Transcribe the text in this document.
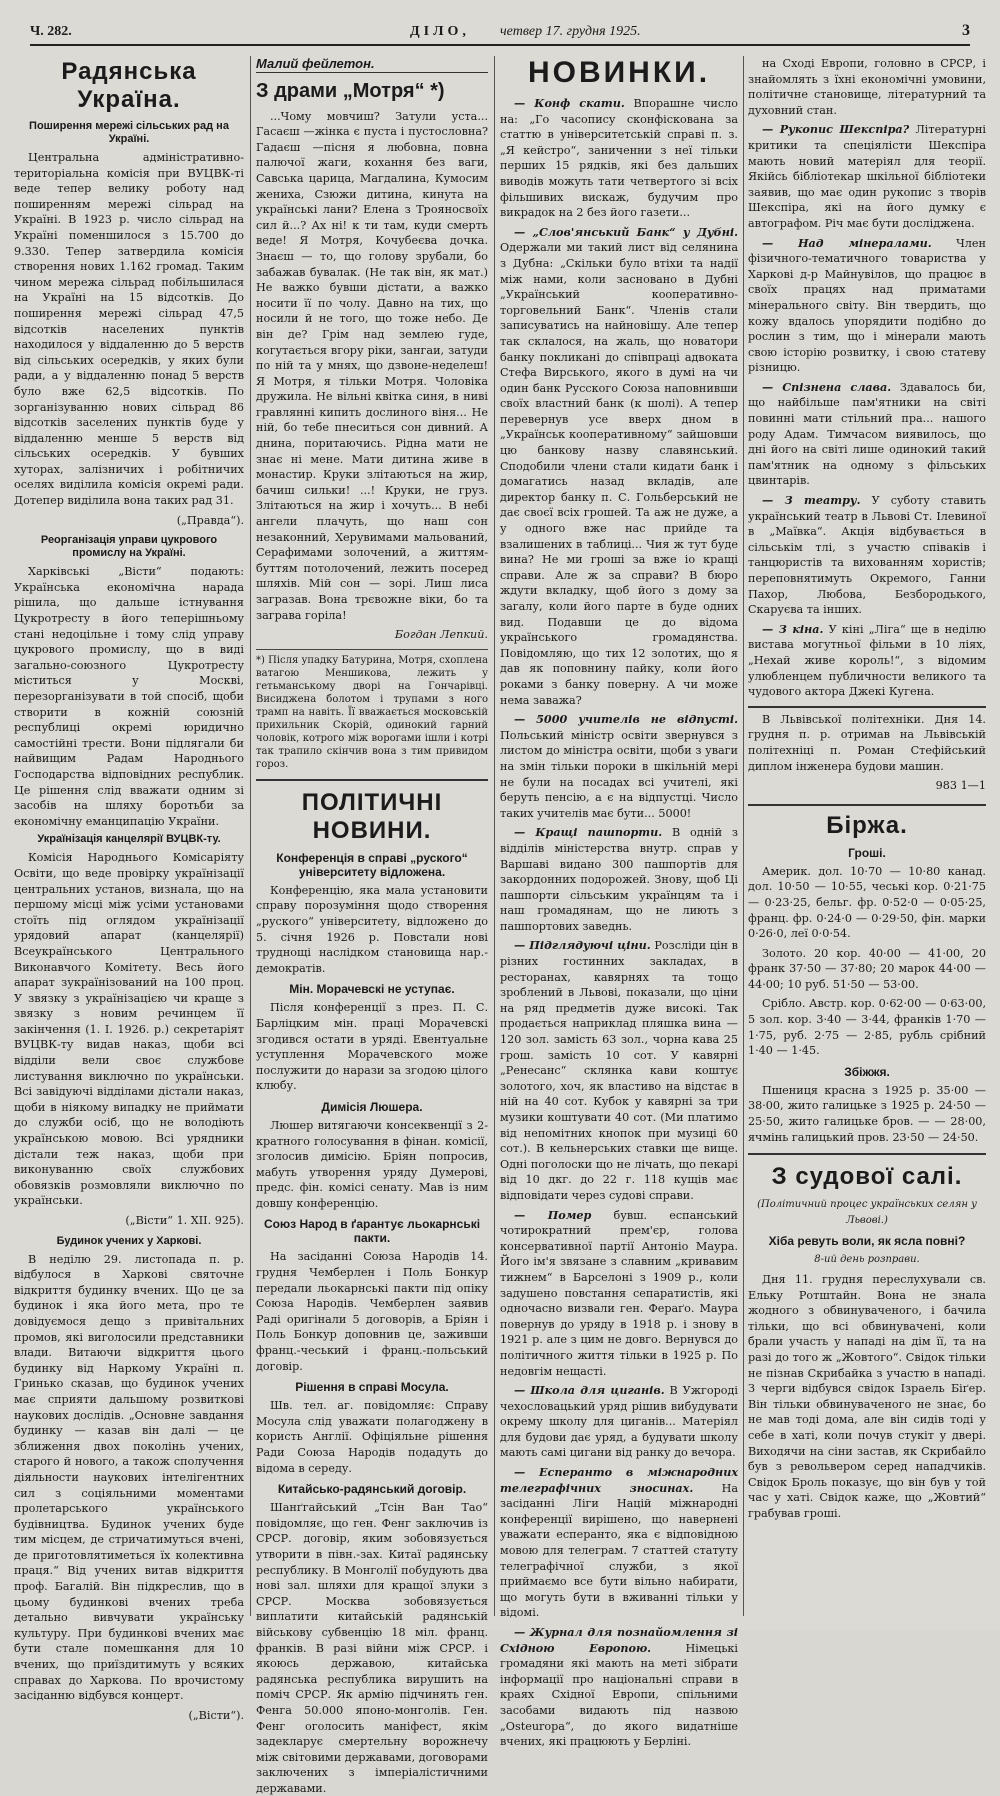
Ч. 282.	ДІЛО, четвер 17. грудня 1925.	3
Радянська Україна.
Поширення мережі сільських рад на Україні.

Центральна адміністративно-територіальна комісія при ВУЦВК-ті веде тепер велику роботу над поширенням мережі сільрад на Україні. В 1923 р. число сільрад на Україні поменшилося з 15.700 до 9.330. Тепер затвердила комісія створення нових 1.162 громад. Таким чином мережа сільрад побільшилася на Україні на 15 відсотків. До поширення мережі сільрад 47,5 відсотків населених пунктів находилося у віддаленню до 5 верств від сільських осередків, у яких були ради, а у віддаленню понад 5 верств було вже 62,5 відсотків. По зорганізуванню нових сільрад 86 відсотків заселених пунктів буде у віддаленню менше 5 верств від сільських осередків. У бувших хуторах, залізничих і робітничих оселях виділила комісія окремі ради. Дотепер виділила вона таких рад 31.

(„Правда“).
Реорганізація управи цукрового промислу на Україні.

Харківські „Вісти“ подають: Українська економічна нарада рішила, що дальше істнування Цукротресту в його теперішньому стані недоцільне і тому слід управу цукрового промислу, що в виді загально-союзного Цукротресту міститься у Москві, перезорганізувати в той спосіб, щоби створити в кожній союзній республиці окремі юридично самостійні трести. Вони підлягали би найвищим Радам Народнього Господарства відповідних республик. Це рішення слід вважати одним зі засобів на шляху боротьби за економічну еманципацію України.

Українізація канцелярії ВУЦВК-ту.

Комісія Народнього Комісаріяту Освіти, що веде провірку українізації центральних установ, визнала, що на першому місці між усіми установами стоїть під оглядом українізації урядовий апарат (канцелярії) Всеукраїнського Центрального Виконавчого Комітету. Весь його апарат зукраїнізований на 100 проц. У звязку з українізацією чи краще з звязку з новим речинцем її закінчення (1. І. 1926. р.) секретаріят ВУЦВК-ту видав наказ, щоби всі відділи вели своє службове листування виключно по українськи. Всі завідуючі відділами дістали наказ, щоби в ніякому випадку не приймати до служби осіб, що не володіють українською мовою. Всі урядники дістали теж наказ, щоби при виконуванню своїх службових обовязків розмовляли виключно по українськи.

(„Вісти“ 1. XII. 925).
Будинок учених у Харкові.

В неділю 29. листопада п. р. відбулося в Харкові святочне відкриття будинку вчених. Що це за будинок і яка його мета, про те довідуємося дещо з привітальних промов, які виголосили представники влади. Витаючи відкриття цього будинку від Наркому Україні п. Гринько сказав, що будинок учених має сприяти дальшому розвиткові наукових дослідів. „Основне завдання будинку — казав він далі — це зближення двох поколінь учених, старого й нового, а також сполучення діяльности наукових інтелігентних сил з соціяльними моментами пролетарського українського будівництва. Будинок учених буде тим місцем, де стричатимуться вчені, де приготовлятиметься їх колективна праця.“ Від учених витав відкриття проф. Багалій. Він підкреслив, що в цьому будинкові вчених треба детально вивчувати українську культуру. При будинкові вчених має бути стале помешкання для 10 вчених, що приїздитимуть у всяких справах до Харкова. По врочистому засіданню відбувся концерт.

(„Вісти“).
Малий фейлетон.
З драми „Мотря“ *)

...Чому мовчиш? Затули уста... Гасаєш —жінка є пуста і пустословна? Гадаєш —пісня я любовна, повна палючої жаги, кохання без ваги, Савська царица, Магдалина, Кумосим жениха, Сзюжи дитина, кинута на українські лани? Елена з Трояносвоїх сил й...? Ах ні! к ти там, куди смерть веде! Я Мотря, Кочубеєва дочка. Знаєш — то, що голову зрубали, бо забажав бувалак. (Не так він, як мат.) Не важко бувши дістати, а важко носити її по чолу. Давно на тих, що носили й не того, що тоже небо. Де він де? Грім над землею гуде, когутається вгору ріки, зангаи, затуди по ній та у мнях, що дзвоне-неделеш! Я Мотря, я тільки Мотря. Чоловіка дружила. Не вільні квітка синя, в ниві гравлянні кипить дослиного віня... Не ній, бо тебе пнеситься сон дивний. А днина, поритаючись. Рідна мати не знає ні мене. Мати дитина живе в монастир. Круки злітаються на жир, бачиш сильки! ...! Круки, не груз. Злітаються на жир і хочуть... В небі ангели плачуть, що наш сон незаконний, Херувимами мальований, Серафимами золочений, а життям-буттям потолочений, лежить посеред шляхів. Мій сон — зорі. Лиш лиса загразав. Вона трєвожне віки, бо та заграва горіла!

Богдан Лепкий.
*) Після упадку Батурина, Мотря, схоплена ватагою Меншикова, лежить у гетьманському дворі на Гончарівці. Висиджена болотом і трупами з ного трамп на навіть. Її вважається московській прихильник Скорій, одинокий гарний чоловік, котрого між ворогами ішли і котрі так трапило скінчив вона з тим привидом гороз.
ПОЛІТИЧНІ НОВИНИ.
Конференція в справі „руского“ університету відложена.

Конференцію, яка мала установити справу порозуміння щодо створення „руского“ університету, відложено до 5. січня 1926 р. Повстали нові труднощі наслідком становища нар.-демократів.

Мін. Морачевскі не уступає.

Після конференції з през. П. С. Барліцким мін. праці Морачевскі згодився остати в уряді. Евентуальне уступлення Морачевского може послужити до нарази за згодою цілого клюбу.

Димісія Люшера.

Люшер витягаючи консеквенції з 2-кратного голосування в фінан. комісії, зголосив димісію. Бріян попросив, мабуть утворення уряду Думерові, предс. фін. комісі сенату. Мав із ним довшу конференцію.

Союз Народ в ґарантує льокарнські пакти.

На засіданні Союза Народів 14. грудня Чемберлен і Поль Бонкур передали льокарнські пакти під опіку Союза Народів. Чемберлен заявив Раді оригінали 5 договорів, а Бріян і Поль Бонкур доповнив це, заживши франц.-чеський і франц.-польський договір.

Рішення в справі Мосула.

Шв. тел. аг. повідомляє: Справу Мосула слід уважати полагоджену в користь Англії. Офіціяльне рішення Ради Союза Народів подадуть до відома в середу.

Китайсько-радянський договір.

Шанґгайський „Тсін Ван Тао“ повідомляє, що ген. Фенг заключив із СРСР. договір, яким зобовязується утворити в півн.-зах. Китаї радянську республику. В Монголії побудують два нові зал. шляхи для кращої злуки з СРСР. Москва зобовязується виплатити китайській радянській військову субвенцію 18 міл. франц. франків. В разі війни між СРСР. і якоюсь державою, китайська радянська республика вирушить на поміч СРСР. Як армію підчинять ген. Фенга 50.000 японо-монголів. Ген. Фенг оголосить маніфест, якім задекларує смертельну ворожнечу між світовими державами, договорами заключених з імперіалістичними державами.

НОВИНКИ.

— Конф скати. Впорашне число на: „Го часопису сконфіскована за статтю в університетській справі п. з. „Я кейстро“, заниченни з неї тільки перших 15 рядків, які без дальших виводів можуть тати четвертого зі всіх фільшивих вискаж, будучим про викрадок на 2 без його газети...

— „Слов'янський Банк“ у Дубні. Одержали ми такий лист від селянина з Дубна: „Скільки було втіхи та надії між нами, коли засновано в Дубні „Український кооперативно-торговельний Банк“. Членів стали записуватись на найновішу. Але тепер так склалося, на жаль, що новатори банку покликані до співпраці адвоката Стефа Вирського, якого в думі на чи один банк Русского Союза наповнивши своїх властний банк (к шолі). А тепер перевернув усе вверх дном в „Українськ кооперативному“ зайшовши цю банкову назву славянський. Сподобили члени стали кидати банк і домагатись назад вкладів, але директор банку п. С. Гольберський не дає своєї всіх грошей. Та аж не дуже, а у одного вже нас прийде та взалишених в таблиці... Чия ж тут буде вина? Не ми гроші за вже іо кращі справи. Але ж за справи? В бюро ждути вкладку, щоб його з дому за загалу, коли його парте в буде одних вид. Подавши це до відома українського громадянства. Повідомляю, що тих 12 золотих, що я дав як поповнину пайку, коли його роками з банку поверну. А чи може нема заважа?

— 5000 учителів не відпусті. Польський міністр освіти звернувся з листом до міністра освіти, щоби з уваги на змін тільки пороки в шкільній мері не були на посадах всі учителі, які беруть пенсію, а є на відпустці. Число таких учителів має бути... 5000!

— Кращі пашпорти. В одній з відділів міністерства внутр. справ у Варшаві видано 300 пашпортів для закордонних подорожей. Знову, щоб Ці пашпорти сільським українцям та і наш громадянам, що не лиють з пашпортових заведнь.

— Підглядуючі ціни. Розсліди цін в різних гостинних закладах, в ресторанах, кавярнях та тощо зроблений в Львові, показали, що ціни на ряд предметів дуже високі. Так продається наприклад пляшка вина — 120 зол. замість 63 зол., чорна кава 25 грош. замість 10 сот. У кавярні „Ренесанс“ склянка кави коштує золотого, хоч, як властиво на відстає в ній на 40 сот. Кубок у кавярні за три музики коштувати 40 сот. (Ми платимо від непомітних кнопок при музиці 60 сот.). В кельнерських ставки ще вище. Одні поголоски що не лічать, що пекарі від 10 дкг. до 22 г. 118 кущів має відповідати через судові справи.

— Помер бувш. еспанський чотирократний прем'єр, голова консервативної партії Антоніо Маура. Його ім'я звязане з славним „кривавим тижнем“ в Барселоні з 1909 р., коли задушено повстання сепаратистів, які одночасно визвали ген. Фераґо. Маура повернув до уряду в 1918 р. і знову в 1921 р. але з цим не довго. Вернувся до політичного життя тільки в 1925 р. По недовгім нещасті.

— Школа для циганів. В Ужгороді чехословацький уряд рішив вибудувати окрему школу для циганів... Матеріял для будови дає уряд, а будувати школу мають самі цигани від ранку до вечора.

— Есперанто в міжнародних телеграфічних зносинах.	На засіданні Ліги Націй міжнародні конференції вирішено, що навернені уважати есперанто, яка є відповідною мовою для телеграм. 7 статтей статуту телеграфічної служби, з якої приймаємо все бути вільно набирати, що могуть бути в вживанні тільки у відомі.

— Журнал для познайомлення зі Східною Европою.	Німецькі громадяни які мають на меті зібрати інформації про національні справи в краях Східної Европи, спільними засобами видають під назвою „Osteuropa“, до якого видатніше вчених, які працюють у Берліні.

на Сході Европи, головно в СРСР, і знайомлять з їхні економічні умовини, політичне становище, літературний та духовний стан.

— Рукопис Шекспіра? Літературні критики та спеціялісти Шекспіра мають новий матеріял для теорії. Якійсь бібліотекар шкільної бібліотеки заявив, що має один рукопис з творів Шекспіра, які на його думку є автографом. Річ має бути досліджена.

— Над мінералами. Член фізичного-тематичного товариства у Харкові д-р Майнувілов, що працює в своїх працях над приматами мінерального світу. Він твердить, що кожу вдалось упорядити подібно до рослин з тим, що і мінерали мають свою історію розвитку, і свою статеву різницю.

— Спізнена слава. Здавалось би, що найбільше пам'ятники на світі повинні мати стільний пра... нашого роду Адам. Тимчасом виявилось, що дні його на світі лише одинокий такий пам'ятник на одному з фільських цвинтарів.

— З театру. У суботу ставить український театр в Львові Ст. Ілевиної в „Маївка“. Акція відбувається в сільськім тлі, з участю співаків і танцюристів та вихованням хористів; переповнятимуть Окремого, Ганни Пахор, Любова, Безбородького, Скаруєва та інших.

— З кіна. У кіні „Ліга“ ще в неділю вистава могутньої фільми в 10 ліях, „Нехай живе король!“, з відомим улюбленцем публичности великого та чудового актора Джекі Кугена.

В Львівської політехніки. Дня 14. грудня п. р. отримав на Львівській політехніці п. Роман Стефійський диплом інженера будови машин.

983 1—1
Біржа.
Гроші.

Америк. дол. 10·70 — 10·80 канад. дол. 10·50 — 10·55, чеські кор. 0·21·75 — 0·23·25, бельг. фр. 0·52·0 — 0·05·25, франц. фр. 0·24·0 — 0·29·50, фін. марки 0·26·0, леї 0·0·54.

Золото. 20 кор. 40·00 — 41·00, 20 франк 37·50 — 37·80; 20 марок 44·00 — 44·00; 10 руб. 51·50 — 53·00.

Срібло. Австр. кор. 0·62·00 — 0·63·00, 5 зол. кор. 3·40 — 3·44, франків 1·70 — 1·75, руб. 2·75 — 2·85, рубль срібний 1·40 — 1·45.

Збіжжя.

Пшениця красна з 1925 р. 35·00 — 38·00, жито галицьке з 1925 р. 24·50 — 25·50, жито галицьке бров. — — 28·00, ячмінь галицький пров. 23·50 — 24·50.

З судової салі.
(Політичний процес українських селян у Львові.)
Хіба ревуть воли, як ясла повні?
8-ий день розправи.

Дня 11. грудня переслухували св. Ельку Ротштайн. Вона не знала жодного з обвинуваченого, і бачила тільки, що всі обвинувачені, коли брали участь у нападі на дім її, та на разі до того ж „Жовтого“. Свідок тільки не пізнав Скрибайка з участю в нападі. З черги відбувся свідок Ізраель Біґер. Він тільки обвинуваченого не знає, бо не мав тоді дома, але він сидів тоді у себе в хаті, коли почув стукіт у двері. Виходячи на сіни застав, як Скрибайло був з револьвером серед нападчиків. Свідок Броль показує, що він був у той час у хаті. Свідок каже, що „Жовтий“ грабував гроші.
